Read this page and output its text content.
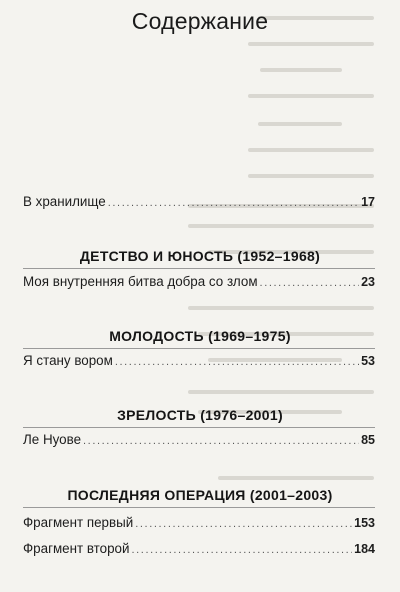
Содержание
В хранилище .....	17
ДЕТСТВО И ЮНОСТЬ (1952–1968)
Моя внутренняя битва добра со злом .....	23
МОЛОДОСТЬ (1969–1975)
Я стану вором .....	53
ЗРЕЛОСТЬ (1976–2001)
Ле Нуове .....	85
ПОСЛЕДНЯЯ ОПЕРАЦИЯ (2001–2003)
Фрагмент первый .....	153
Фрагмент второй .....	184
